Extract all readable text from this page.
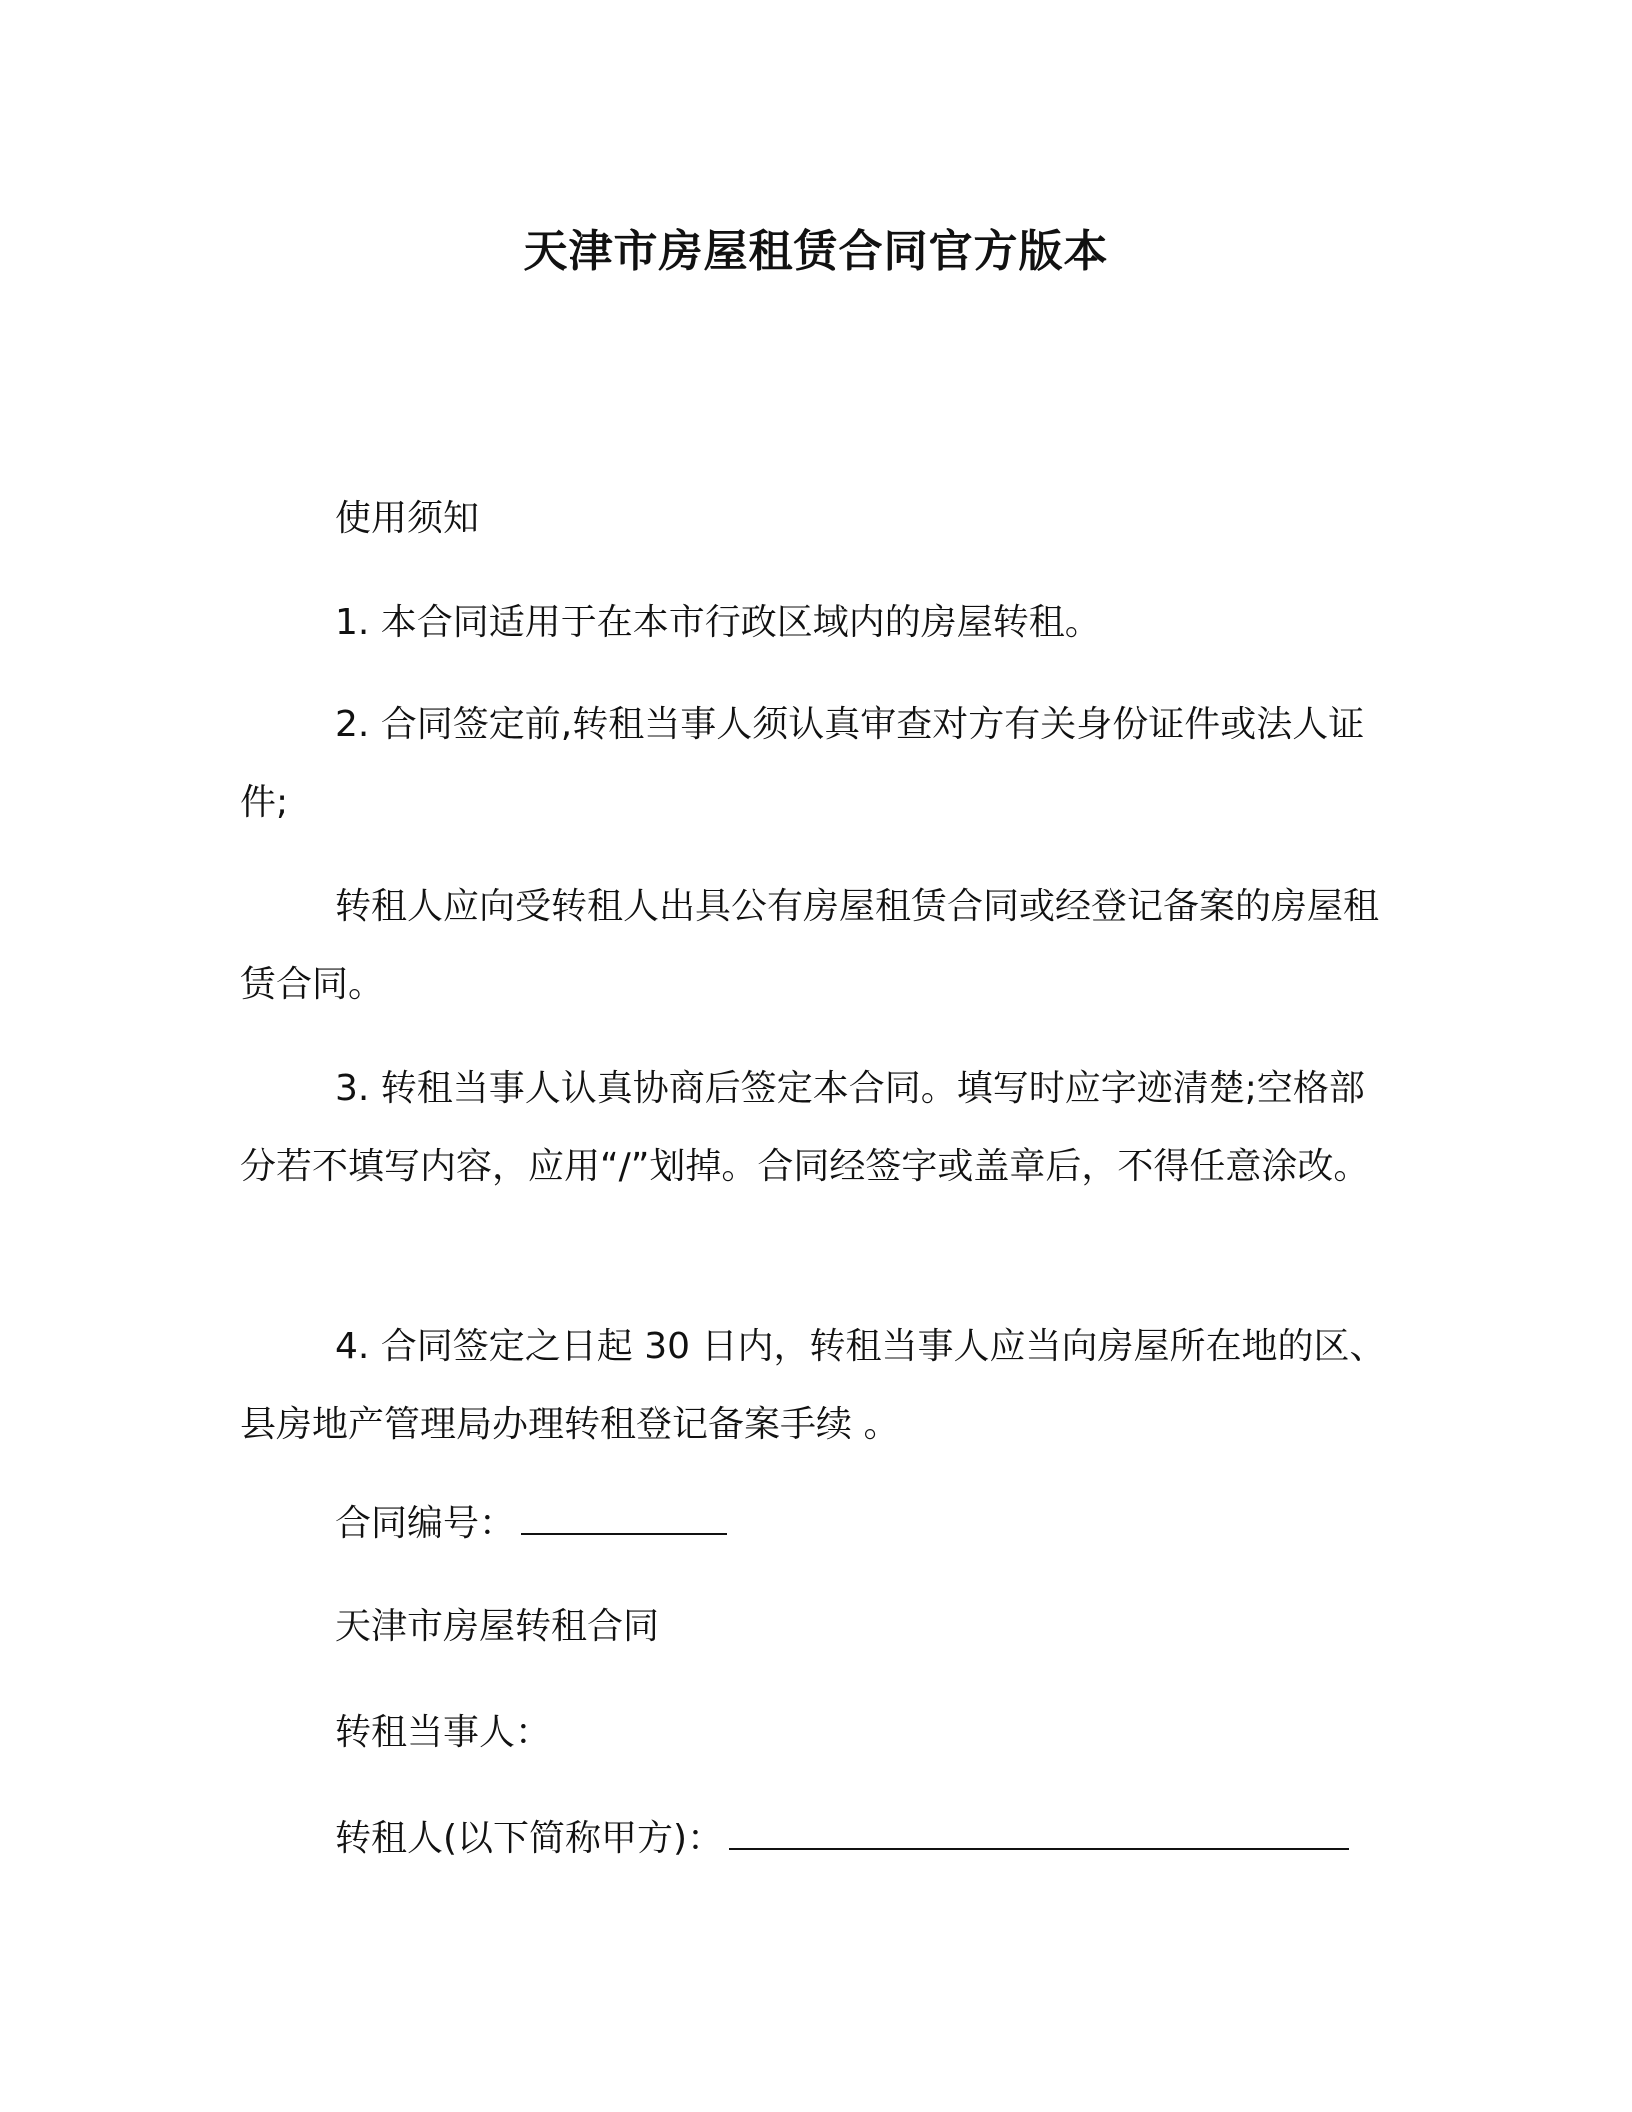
天津市房屋租赁合同官方版本
使用须知

1. 本合同适用于在本市行政区域内的房屋转租。

2. 合同签定前,转租当事人须认真审查对方有关身份证件或法人证件;

转租人应向受转租人出具公有房屋租赁合同或经登记备案的房屋租赁合同。

3. 转租当事人认真协商后签定本合同。填写时应字迹清楚;空格部分若不填写内容，应用“/”划掉。合同经签字或盖章后，不得任意涂改。

4. 合同签定之日起 30 日内，转租当事人应当向房屋所在地的区、县房地产管理局办理转租登记备案手续 。

合同编号：
天津市房屋转租合同
转租当事人：
转租人(以下简称甲方)：
